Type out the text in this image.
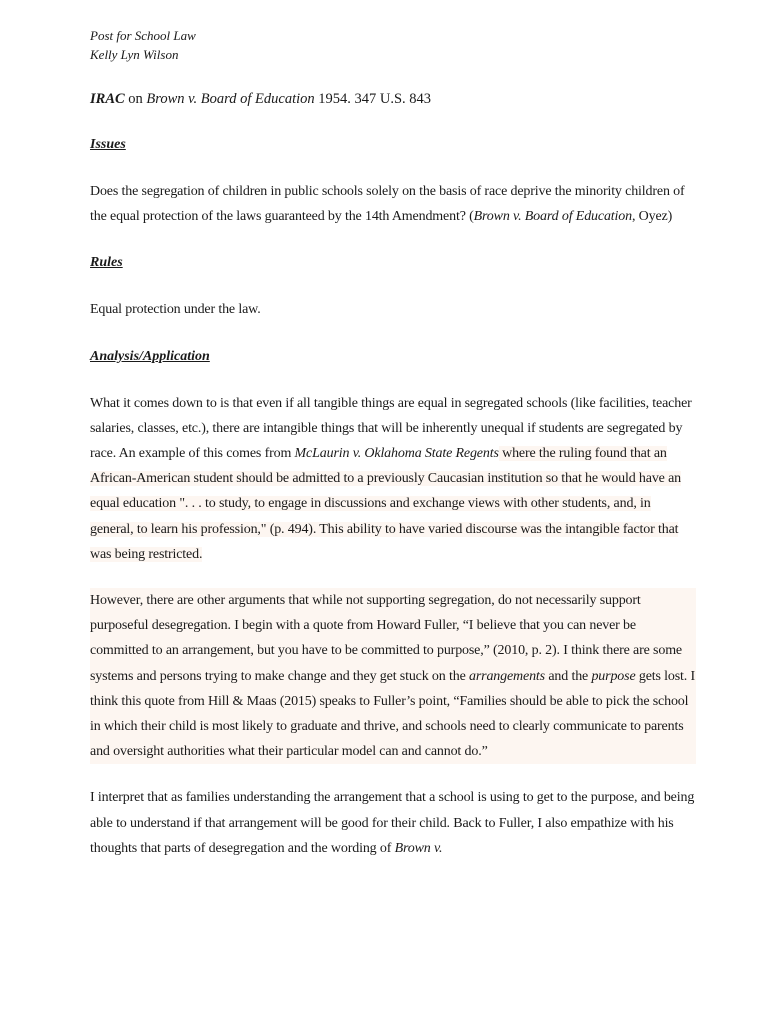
Post for School Law

Kelly Lyn Wilson

IRAC on Brown v. Board of Education 1954. 347 U.S. 843

Issues

Does the segregation of children in public schools solely on the basis of race deprive the minority children of the equal protection of the laws guaranteed by the 14th Amendment? (Brown v. Board of Education, Oyez)

Rules

Equal protection under the law.

Analysis/Application

What it comes down to is that even if all tangible things are equal in segregated schools (like facilities, teacher salaries, classes, etc.), there are intangible things that will be inherently unequal if students are segregated by race. An example of this comes from McLaurin v. Oklahoma State Regents where the ruling found that an African-American student should be admitted to a previously Caucasian institution so that he would have an equal education ". . . to study, to engage in discussions and exchange views with other students, and, in general, to learn his profession," (p. 494). This ability to have varied discourse was the intangible factor that was being restricted.

However, there are other arguments that while not supporting segregation, do not necessarily support purposeful desegregation. I begin with a quote from Howard Fuller, “I believe that you can never be committed to an arrangement, but you have to be committed to purpose,” (2010, p. 2). I think there are some systems and persons trying to make change and they get stuck on the arrangements and the purpose gets lost. I think this quote from Hill & Maas (2015) speaks to Fuller’s point, “Families should be able to pick the school in which their child is most likely to graduate and thrive, and schools need to clearly communicate to parents and oversight authorities what their particular model can and cannot do.”

I interpret that as families understanding the arrangement that a school is using to get to the purpose, and being able to understand if that arrangement will be good for their child. Back to Fuller, I also empathize with his thoughts that parts of desegregation and the wording of Brown v.
